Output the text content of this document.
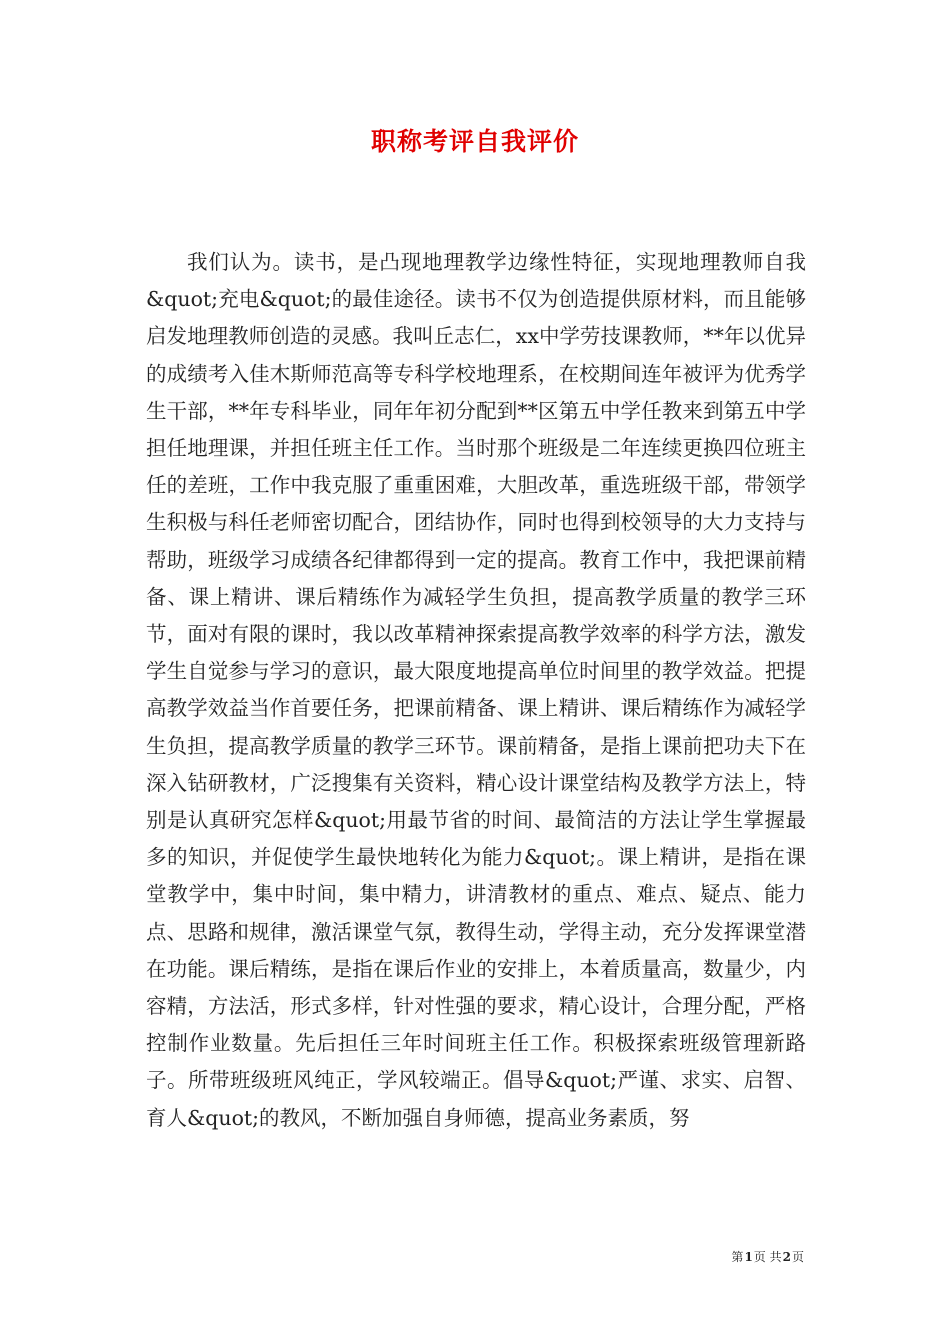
职称考评自我评价

我们认为。读书，是凸现地理教学边缘性特征，实现地理教师自我&quot;充电&quot;的最佳途径。读书不仅为创造提供原材料，而且能够启发地理教师创造的灵感。我叫丘志仁，xx中学劳技课教师，**年以优异的成绩考入佳木斯师范高等专科学校地理系，在校期间连年被评为优秀学生干部，**年专科毕业，同年年初分配到**区第五中学任教来到第五中学担任地理课，并担任班主任工作。当时那个班级是二年连续更换四位班主任的差班，工作中我克服了重重困难，大胆改革，重选班级干部，带领学生积极与科任老师密切配合，团结协作，同时也得到校领导的大力支持与帮助，班级学习成绩各纪律都得到一定的提高。教育工作中，我把课前精备、课上精讲、课后精练作为减轻学生负担，提高教学质量的教学三环节，面对有限的课时，我以改革精神探索提高教学效率的科学方法，激发学生自觉参与学习的意识，最大限度地提高单位时间里的教学效益。把提高教学效益当作首要任务，把课前精备、课上精讲、课后精练作为减轻学生负担，提高教学质量的教学三环节。课前精备，是指上课前把功夫下在深入钻研教材，广泛搜集有关资料，精心设计课堂结构及教学方法上，特别是认真研究怎样&quot;用最节省的时间、最简洁的方法让学生掌握最多的知识，并促使学生最快地转化为能力&quot;。课上精讲，是指在课堂教学中，集中时间，集中精力，讲清教材的重点、难点、疑点、能力点、思路和规律，激活课堂气氛，教得生动，学得主动，充分发挥课堂潜在功能。课后精练，是指在课后作业的安排上，本着质量高，数量少，内容精，方法活，形式多样，针对性强的要求，精心设计，合理分配，严格控制作业数量。先后担任三年时间班主任工作。积极探索班级管理新路子。所带班级班风纯正，学风较端正。倡导&quot;严谨、求实、启智、育人&quot;的教风，不断加强自身师德，提高业务素质，努

第1页 共2页
